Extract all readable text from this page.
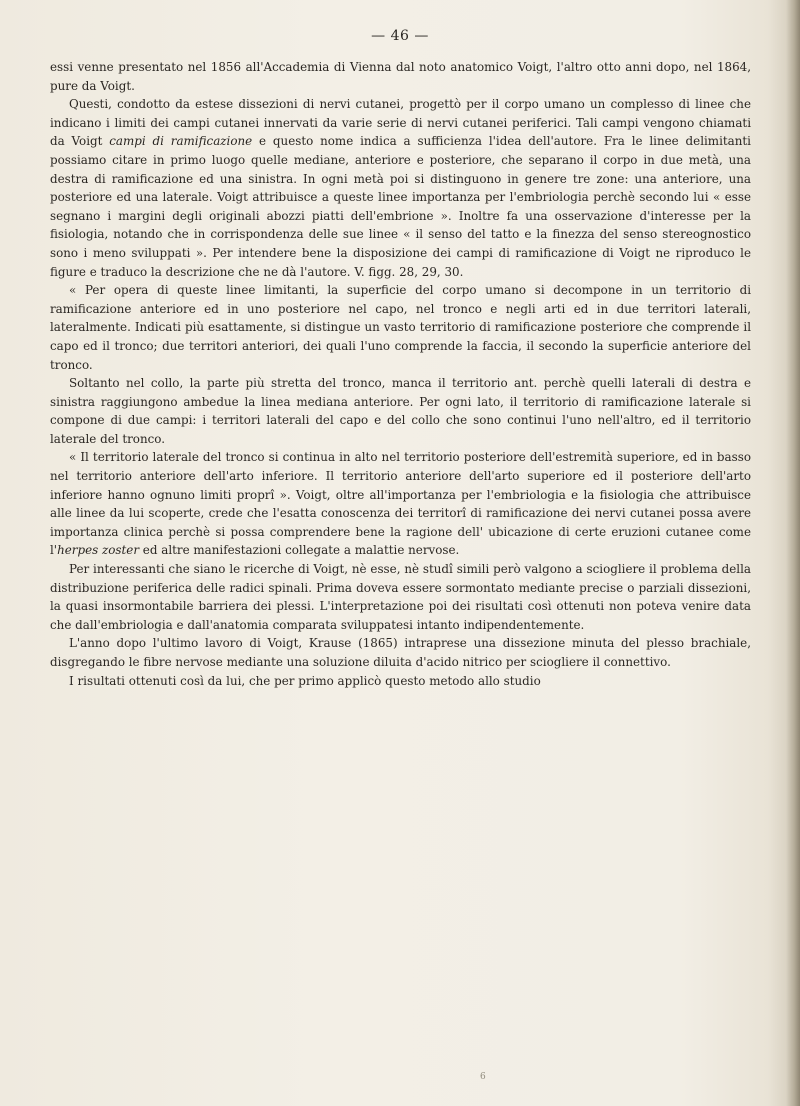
— 46 —

essi venne presentato nel 1856 all'Accademia di Vienna dal noto anatomico Voigt, l'altro otto anni dopo, nel 1864, pure da Voigt.

Questi, condotto da estese dissezioni di nervi cutanei, progettò per il corpo umano un complesso di linee che indicano i limiti dei campi cutanei innervati da varie serie di nervi cutanei periferici. Tali campi vengono chiamati da Voigt campi di ramificazione e questo nome indica a sufficienza l'idea dell'autore. Fra le linee delimitanti possiamo citare in primo luogo quelle mediane, anteriore e posteriore, che separano il corpo in due metà, una destra di ramificazione ed una sinistra. In ogni metà poi si distinguono in genere tre zone: una anteriore, una posteriore ed una laterale. Voigt attribuisce a queste linee importanza per l'embriologia perchè secondo lui « esse segnano i margini degli originali abozzi piatti dell'embrione ». Inoltre fa una osservazione d'interesse per la fisiologia, notando che in corrispondenza delle sue linee « il senso del tatto e la finezza del senso stereognostico sono i meno sviluppati ». Per intendere bene la disposizione dei campi di ramificazione di Voigt ne riproduco le figure e traduco la descrizione che ne dà l'autore. V. figg. 28, 29, 30.

« Per opera di queste linee limitanti, la superficie del corpo umano si decompone in un territorio di ramificazione anteriore ed in uno posteriore nel capo, nel tronco e negli arti ed in due territori laterali, lateralmente. Indicati più esattamente, si distingue un vasto territorio di ramificazione posteriore che comprende il capo ed il tronco; due territori anteriori, dei quali l'uno comprende la faccia, il secondo la superficie anteriore del tronco.

Soltanto nel collo, la parte più stretta del tronco, manca il territorio ant. perchè quelli laterali di destra e sinistra raggiungono ambedue la linea mediana anteriore. Per ogni lato, il territorio di ramificazione laterale si compone di due campi: i territori laterali del capo e del collo che sono continui l'uno nell'altro, ed il territorio laterale del tronco.

« Il territorio laterale del tronco si continua in alto nel territorio posteriore dell'estremità superiore, ed in basso nel territorio anteriore dell'arto inferiore. Il territorio anteriore dell'arto superiore ed il posteriore dell'arto inferiore hanno ognuno limiti proprî ». Voigt, oltre all'importanza per l'embriologia e la fisiologia che attribuisce alle linee da lui scoperte, crede che l'esatta conoscenza dei territorî di ramificazione dei nervi cutanei possa avere importanza clinica perchè si possa comprendere bene la ragione dell' ubicazione di certe eruzioni cutanee come l'herpes zoster ed altre manifestazioni collegate a malattie nervose.

Per interessanti che siano le ricerche di Voigt, nè esse, nè studî simili però valgono a sciogliere il problema della distribuzione periferica delle radici spinali. Prima doveva essere sormontato mediante precise o parziali dissezioni, la quasi insormontabile barriera dei plessi. L'interpretazione poi dei risultati così ottenuti non poteva venire data che dall'embriologia e dall'anatomia comparata sviluppatesi intanto indipendentemente.

L'anno dopo l'ultimo lavoro di Voigt, Krause (1865) intraprese una dissezione minuta del plesso brachiale, disgregando le fibre nervose mediante una soluzione diluita d'acido nitrico per sciogliere il connettivo.

I risultati ottenuti così da lui, che per primo applicò questo metodo allo studio

6
